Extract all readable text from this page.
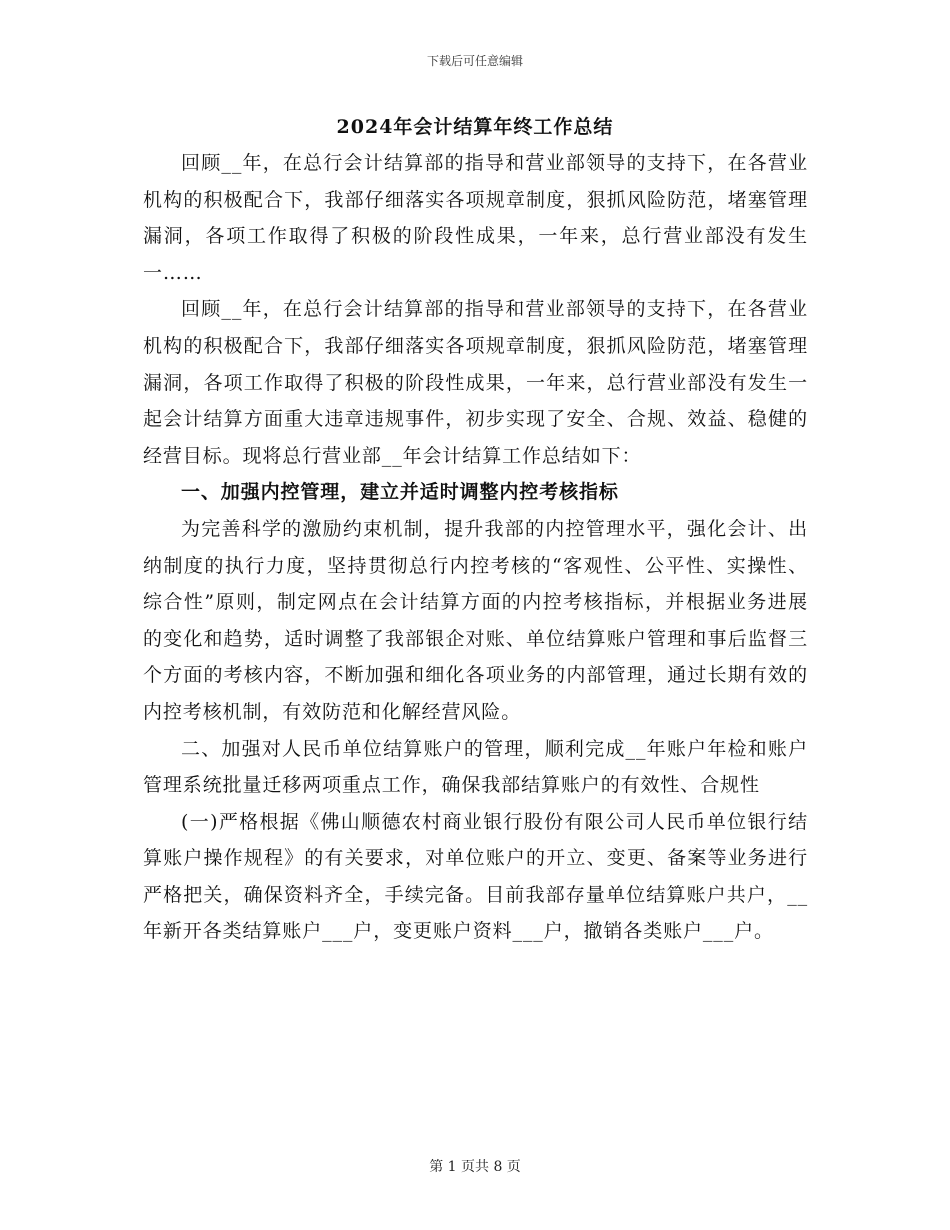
下载后可任意编辑
2024年会计结算年终工作总结

回顾__年，在总行会计结算部的指导和营业部领导的支持下，在各营业机构的积极配合下，我部仔细落实各项规章制度，狠抓风险防范，堵塞管理漏洞，各项工作取得了积极的阶段性成果，一年来，总行营业部没有发生一……

回顾__年，在总行会计结算部的指导和营业部领导的支持下，在各营业机构的积极配合下，我部仔细落实各项规章制度，狠抓风险防范，堵塞管理漏洞，各项工作取得了积极的阶段性成果，一年来，总行营业部没有发生一起会计结算方面重大违章违规事件，初步实现了安全、合规、效益、稳健的经营目标。现将总行营业部__年会计结算工作总结如下：

一、加强内控管理，建立并适时调整内控考核指标

为完善科学的激励约束机制，提升我部的内控管理水平，强化会计、出纳制度的执行力度，坚持贯彻总行内控考核的“客观性、公平性、实操性、综合性”原则，制定网点在会计结算方面的内控考核指标，并根据业务进展的变化和趋势，适时调整了我部银企对账、单位结算账户管理和事后监督三个方面的考核内容，不断加强和细化各项业务的内部管理，通过长期有效的内控考核机制，有效防范和化解经营风险。

二、加强对人民币单位结算账户的管理，顺利完成__年账户年检和账户管理系统批量迁移两项重点工作，确保我部结算账户的有效性、合规性

(一)严格根据《佛山顺德农村商业银行股份有限公司人民币单位银行结算账户操作规程》的有关要求，对单位账户的开立、变更、备案等业务进行严格把关，确保资料齐全，手续完备。目前我部存量单位结算账户共户，__年新开各类结算账户___户，变更账户资料___户，撤销各类账户___户。

第 1 页共 8 页
